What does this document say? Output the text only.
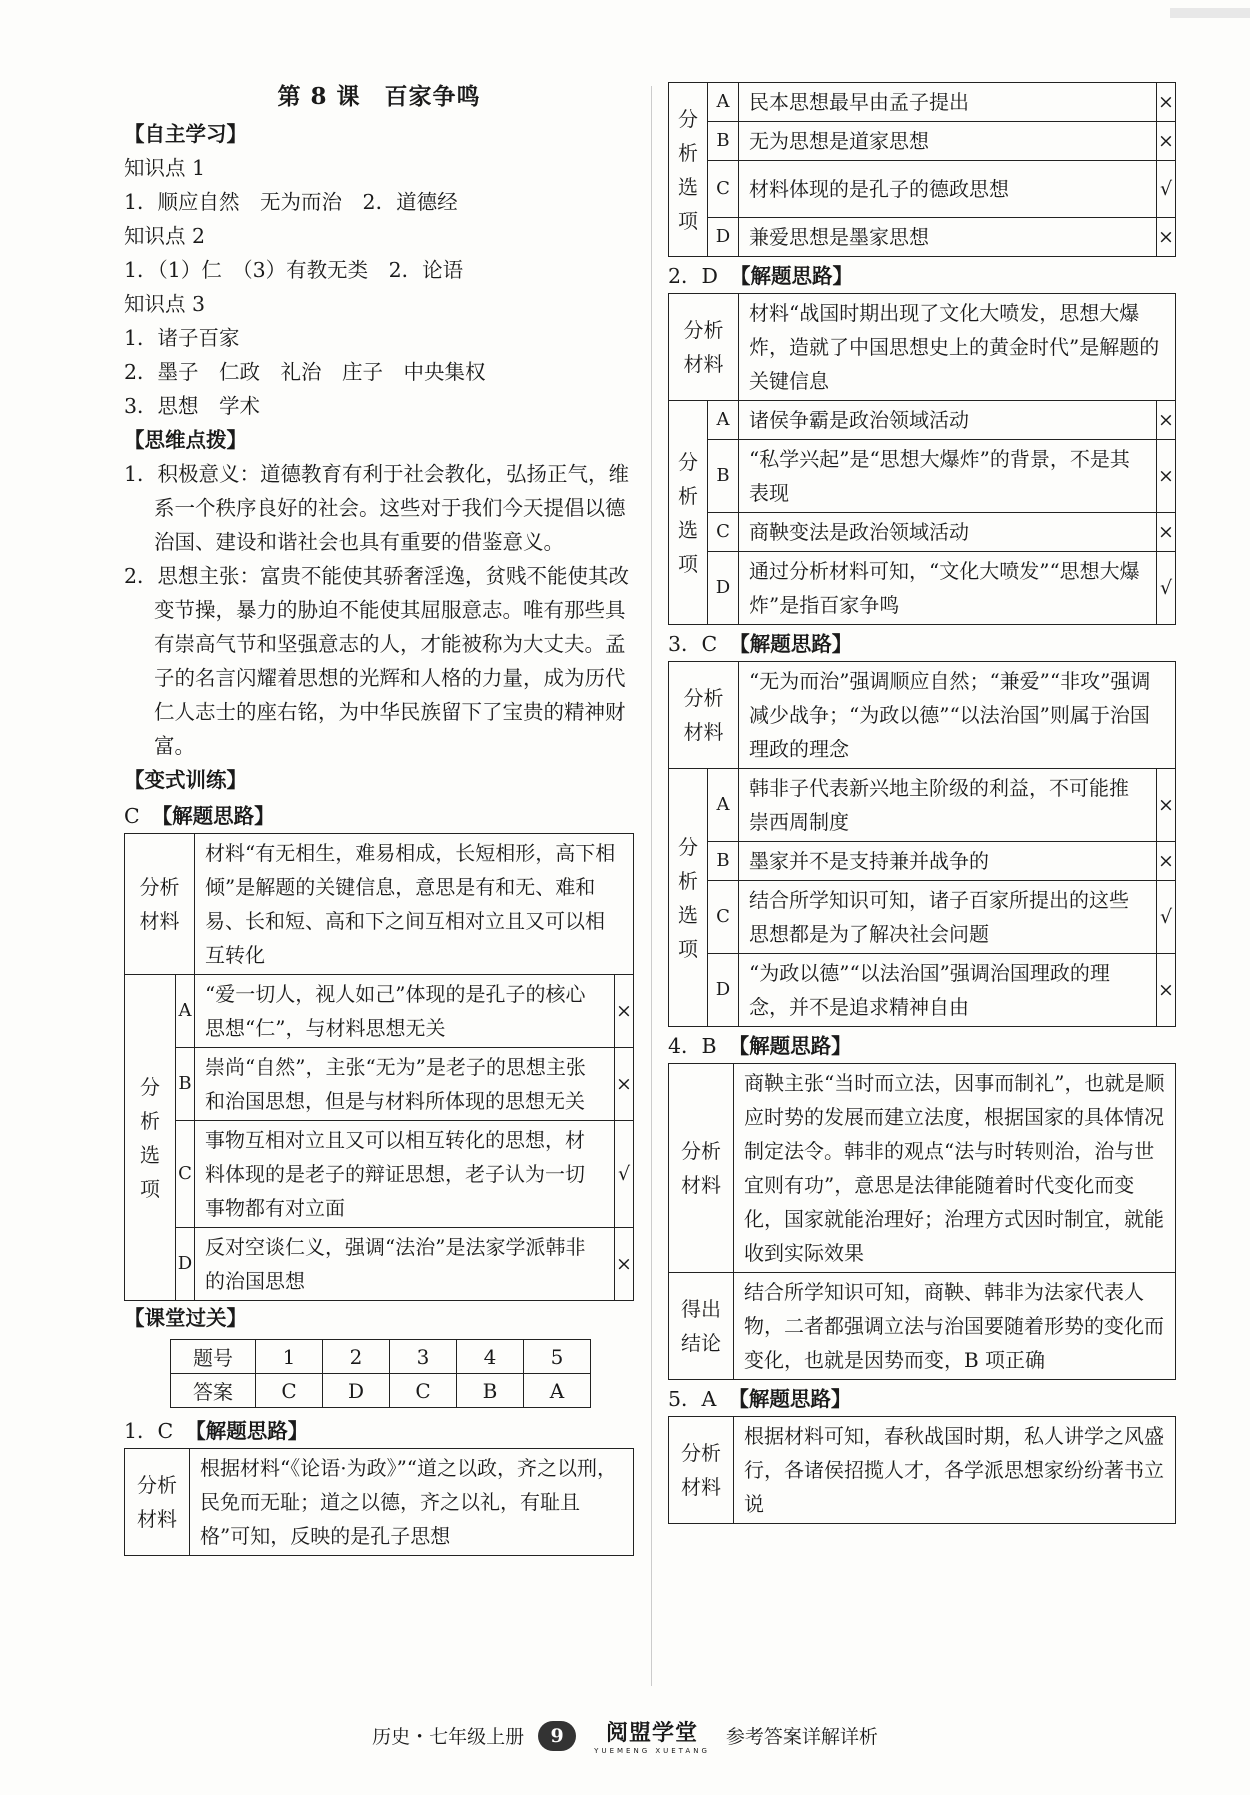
第 8 课　百家争鸣
【自主学习】
知识点 1
1．顺应自然　无为而治　2．道德经
知识点 2
1．（1）仁　（3）有教无类　2．论语
知识点 3
1．诸子百家
2．墨子　仁政　礼治　庄子　中央集权
3．思想　学术
【思维点拨】
1．积极意义：道德教育有利于社会教化，弘扬正气，维系一个秩序良好的社会。这些对于我们今天提倡以德治国、建设和谐社会也具有重要的借鉴意义。
2．思想主张：富贵不能使其骄奢淫逸，贫贱不能使其改变节操，暴力的胁迫不能使其屈服意志。唯有那些具有崇高气节和坚强意志的人，才能被称为大丈夫。孟子的名言闪耀着思想的光辉和人格的力量，成为历代仁人志士的座右铭，为中华民族留下了宝贵的精神财富。
【变式训练】
C 【解题思路】
分析材料		材料“有无相生，难易相成，长短相形，高下相倾”是解题的关键信息，意思是有和无、难和易、长和短、高和下之间互相对立且又可以相互转化	
分析选项	A	“爱一切人，视人如己”体现的是孔子的核心思想“仁”，与材料思想无关	×
	B	崇尚“自然”，主张“无为”是老子的思想主张和治国思想，但是与材料所体现的思想无关	×
	C	事物互相对立且又可以相互转化的思想，材料体现的是老子的辩证思想，老子认为一切事物都有对立面	√
	D	反对空谈仁义，强调“法治”是法家学派韩非的治国思想	×
【课堂过关】
题号	1	2	3	4	5
答案	C	D	C	B	A
1．C 【解题思路】
分析材料	根据材料“《论语·为政》”“道之以政，齐之以刑，民免而无耻；道之以德，齐之以礼，有耻且格”可知，反映的是孔子思想
分析选项	A	民本思想最早由孟子提出	×
	B	无为思想是道家思想	×
	C	材料体现的是孔子的德政思想	√
	D	兼爱思想是墨家思想	×
2．D 【解题思路】
分析材料		材料“战国时期出现了文化大喷发，思想大爆炸，造就了中国思想史上的黄金时代”是解题的关键信息	
分析选项	A	诸侯争霸是政治领域活动	×
	B	“私学兴起”是“思想大爆炸”的背景，不是其表现	×
	C	商鞅变法是政治领域活动	×
	D	通过分析材料可知，“文化大喷发”“思想大爆炸”是指百家争鸣	√
3．C 【解题思路】
分析材料		“无为而治”强调顺应自然；“兼爱”“非攻”强调减少战争；“为政以德”“以法治国”则属于治国理政的理念	
分析选项	A	韩非子代表新兴地主阶级的利益，不可能推崇西周制度	×
	B	墨家并不是支持兼并战争的	×
	C	结合所学知识可知，诸子百家所提出的这些思想都是为了解决社会问题	√
	D	“为政以德”“以法治国”强调治国理政的理念，并不是追求精神自由	×
4．B 【解题思路】
分析材料	商鞅主张“当时而立法，因事而制礼”，也就是顺应时势的发展而建立法度，根据国家的具体情况制定法令。韩非的观点“法与时转则治，治与世宜则有功”，意思是法律能随着时代变化而变化，国家就能治理好；治理方式因时制宜，就能收到实际效果
得出结论	结合所学知识可知，商鞅、韩非为法家代表人物，二者都强调立法与治国要随着形势的变化而变化，也就是因势而变，B 项正确
5．A 【解题思路】
分析材料	根据材料可知，春秋战国时期，私人讲学之风盛行，各诸侯招揽人才，各学派思想家纷纷著书立说
历史・七年级上册 9 阅盟学堂
YUEMENG XUETANG
参考答案详解详析
